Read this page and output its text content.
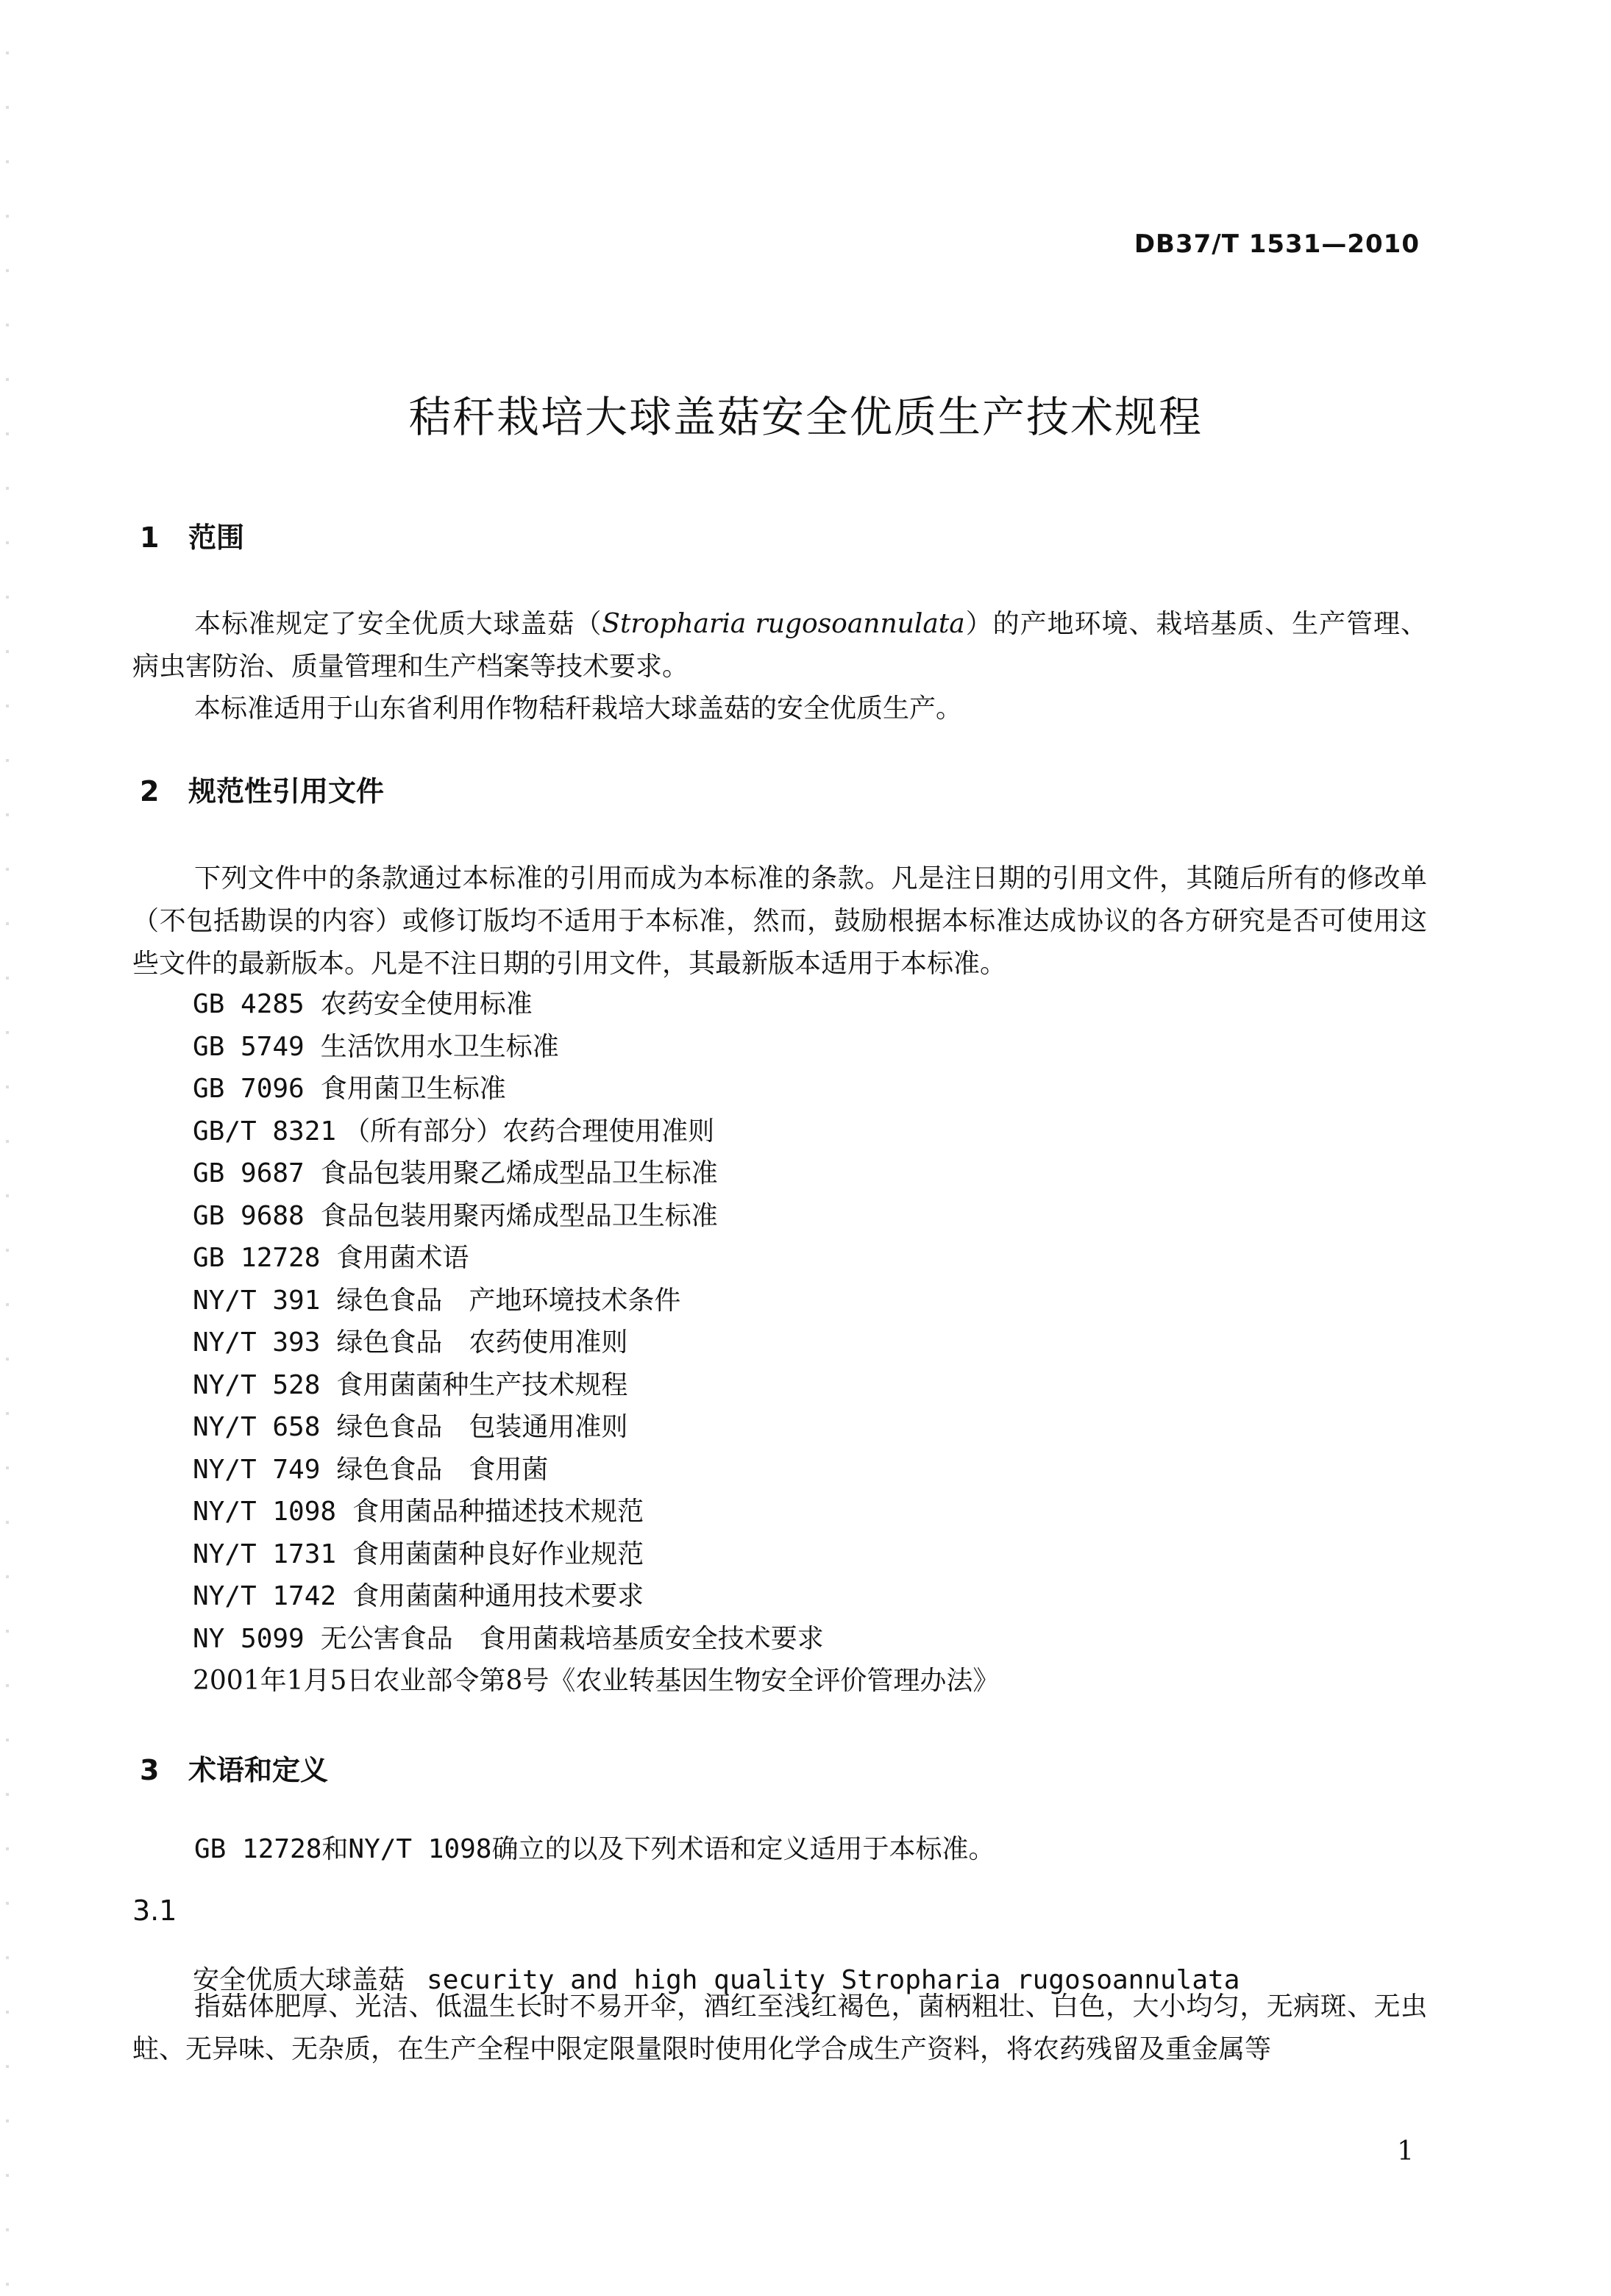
DB37/T 1531—2010
秸秆栽培大球盖菇安全优质生产技术规程
1 范围
本标准规定了安全优质大球盖菇（Stropharia rugosoannulata）的产地环境、栽培基质、生产管理、病虫害防治、质量管理和生产档案等技术要求。
本标准适用于山东省利用作物秸秆栽培大球盖菇的安全优质生产。
2 规范性引用文件
下列文件中的条款通过本标准的引用而成为本标准的条款。凡是注日期的引用文件，其随后所有的修改单（不包括勘误的内容）或修订版均不适用于本标准，然而，鼓励根据本标准达成协议的各方研究是否可使用这些文件的最新版本。凡是不注日期的引用文件，其最新版本适用于本标准。
GB 4285 农药安全使用标准
GB 5749 生活饮用水卫生标准
GB 7096 食用菌卫生标准
GB/T 8321 （所有部分）农药合理使用准则
GB 9687 食品包装用聚乙烯成型品卫生标准
GB 9688 食品包装用聚丙烯成型品卫生标准
GB 12728 食用菌术语
NY/T 391 绿色食品　产地环境技术条件
NY/T 393 绿色食品　农药使用准则
NY/T 528 食用菌菌种生产技术规程
NY/T 658 绿色食品　包装通用准则
NY/T 749 绿色食品　食用菌
NY/T 1098 食用菌品种描述技术规范
NY/T 1731 食用菌菌种良好作业规范
NY/T 1742 食用菌菌种通用技术要求
NY 5099 无公害食品　食用菌栽培基质安全技术要求
2001年1月5日农业部令第8号《农业转基因生物安全评价管理办法》
3 术语和定义
GB 12728和NY/T 1098确立的以及下列术语和定义适用于本标准。
3.1
安全优质大球盖菇 security and high quality Stropharia rugosoannulata
指菇体肥厚、光洁、低温生长时不易开伞，酒红至浅红褐色，菌柄粗壮、白色，大小均匀，无病斑、无虫蛀、无异味、无杂质，在生产全程中限定限量限时使用化学合成生产资料，将农药残留及重金属等
1
